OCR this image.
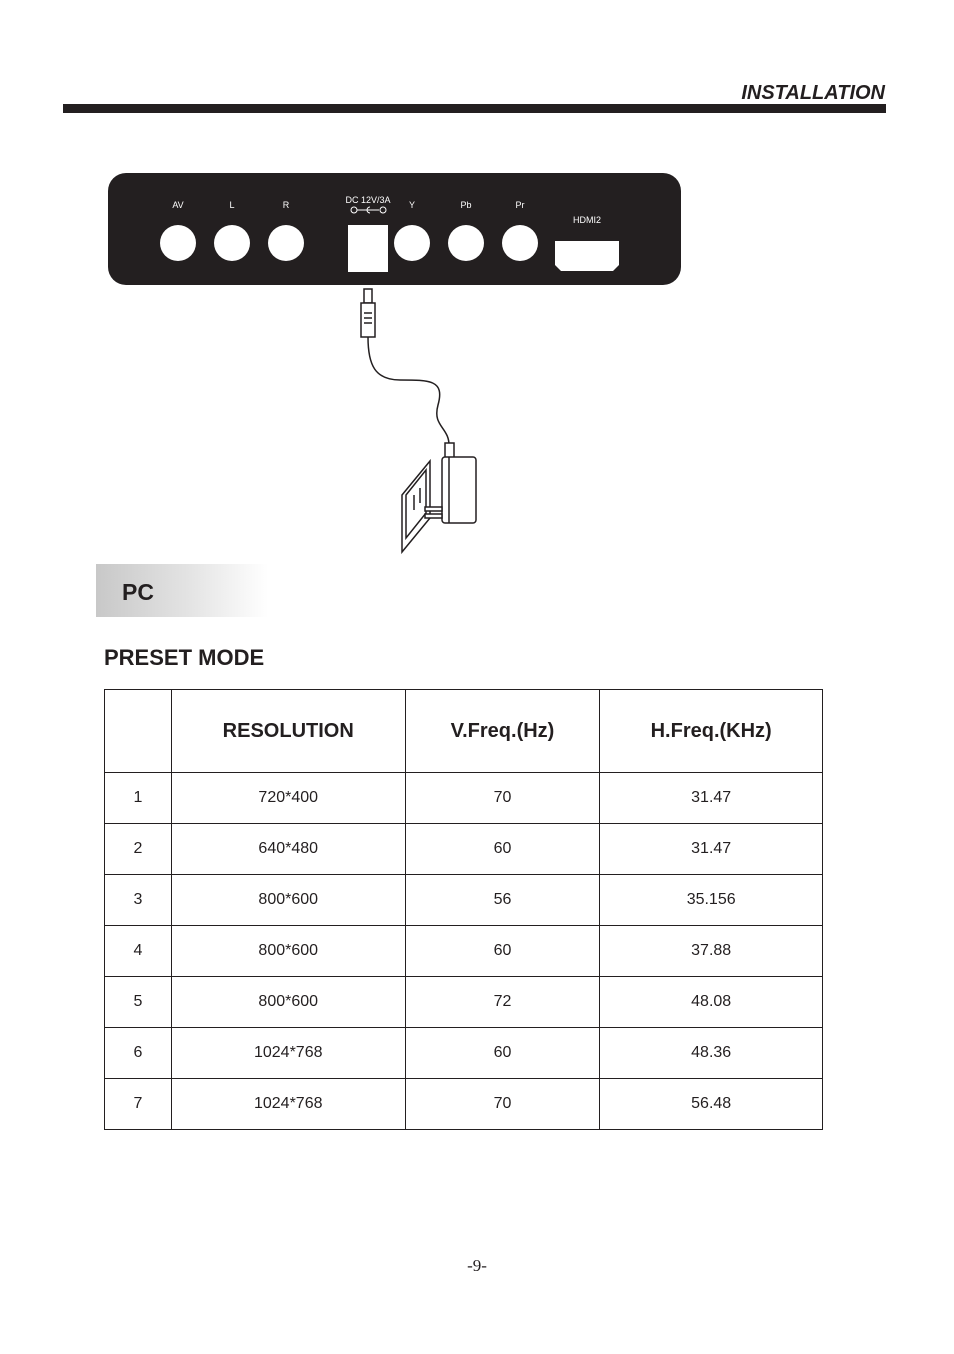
INSTALLATION
AV	L	R	DC 12V/3A Y	Pb	Pr
HDMI2
PC
PRESET MODE
	RESOLUTION	V.Freq.(Hz)	H.Freq.(KHz)
1	720*400	70	31.47
2	640*480	60	31.47
3	800*600	56	35.156
4	800*600	60	37.88
5	800*600	72	48.08
6	1024*768	60	48.36
7	1024*768	70	56.48
-9-
